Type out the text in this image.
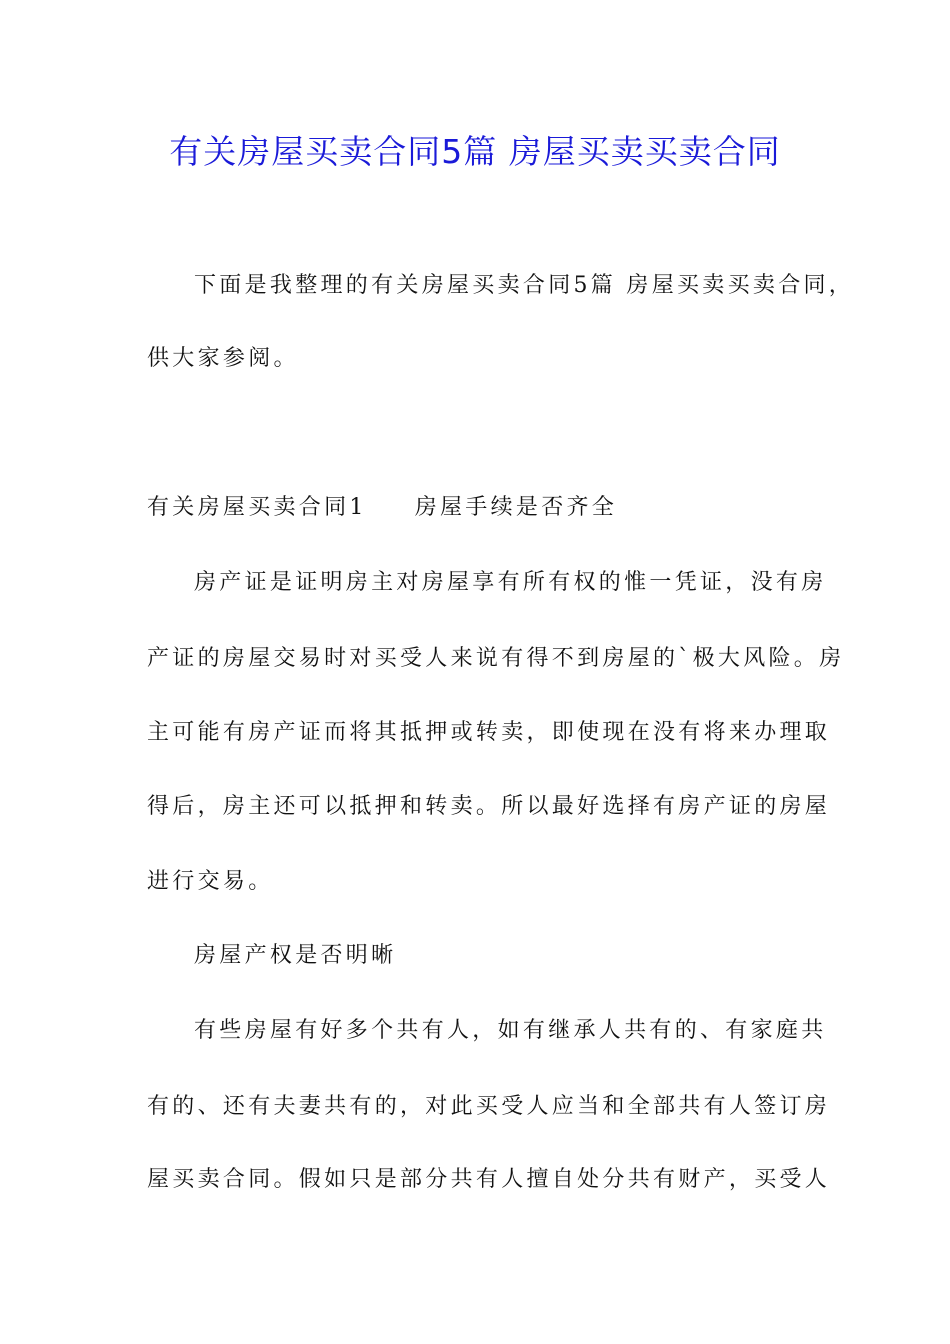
有关房屋买卖合同5篇 房屋买卖买卖合同
下面是我整理的有关房屋买卖合同5篇 房屋买卖买卖合同，
供大家参阅。
有关房屋买卖合同1 房屋手续是否齐全
房产证是证明房主对房屋享有所有权的惟一凭证，没有房
产证的房屋交易时对买受人来说有得不到房屋的`极大风险。房
主可能有房产证而将其抵押或转卖，即使现在没有将来办理取
得后，房主还可以抵押和转卖。所以最好选择有房产证的房屋
进行交易。
房屋产权是否明晰
有些房屋有好多个共有人，如有继承人共有的、有家庭共
有的、还有夫妻共有的，对此买受人应当和全部共有人签订房
屋买卖合同。假如只是部分共有人擅自处分共有财产，买受人
